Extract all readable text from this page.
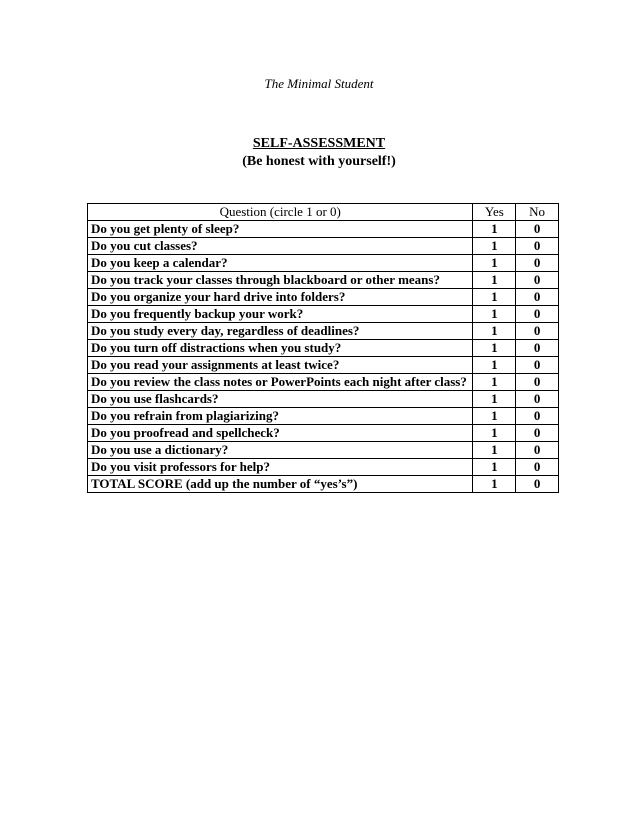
The Minimal Student
SELF-ASSESSMENT
(Be honest with yourself!)
Question (circle 1 or 0)	Yes	No
Do you get plenty of sleep?	1	0
Do you cut classes?	1	0
Do you keep a calendar?	1	0
Do you track your classes through blackboard or other means?	1	0
Do you organize your hard drive into folders?	1	0
Do you frequently backup your work?	1	0
Do you study every day, regardless of deadlines?	1	0
Do you turn off distractions when you study?	1	0
Do you read your assignments at least twice?	1	0
Do you review the class notes or PowerPoints each night after class?	1	0
Do you use flashcards?	1	0
Do you refrain from plagiarizing?	1	0
Do you proofread and spellcheck?	1	0
Do you use a dictionary?	1	0
Do you visit professors for help?	1	0
TOTAL SCORE (add up the number of “yes’s”)	1	0
